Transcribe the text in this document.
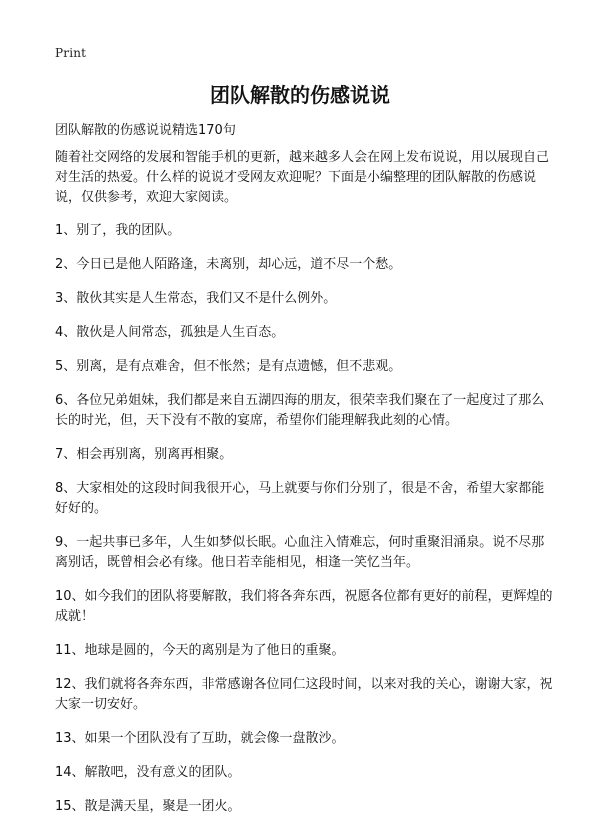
Print
团队解散的伤感说说
团队解散的伤感说说精选170句

随着社交网络的发展和智能手机的更新，越来越多人会在网上发布说说，用以展现自己对生活的热爱。什么样的说说才受网友欢迎呢？下面是小编整理的团队解散的伤感说说，仅供参考，欢迎大家阅读。

1、别了，我的团队。

2、今日已是他人陌路逢，未离别，却心远，道不尽一个愁。

3、散伙其实是人生常态，我们又不是什么例外。

4、散伙是人间常态，孤独是人生百态。

5、别离，是有点难舍，但不怅然；是有点遗憾，但不悲观。

6、各位兄弟姐妹，我们都是来自五湖四海的朋友，很荣幸我们聚在了一起度过了那么长的时光，但，天下没有不散的宴席，希望你们能理解我此刻的心情。

7、相会再别离，别离再相聚。

8、大家相处的这段时间我很开心，马上就要与你们分别了，很是不舍，希望大家都能好好的。

9、一起共事已多年，人生如梦似长眠。心血注入情难忘，何时重聚泪涌泉。说不尽那离别话，既曾相会必有缘。他日若幸能相见，相逢一笑忆当年。

10、如今我们的团队将要解散，我们将各奔东西，祝愿各位都有更好的前程，更辉煌的成就！

11、地球是圆的，今天的离别是为了他日的重聚。

12、我们就将各奔东西，非常感谢各位同仁这段时间，以来对我的关心，谢谢大家，祝大家一切安好。

13、如果一个团队没有了互助，就会像一盘散沙。

14、解散吧，没有意义的团队。

15、散是满天星，聚是一团火。
